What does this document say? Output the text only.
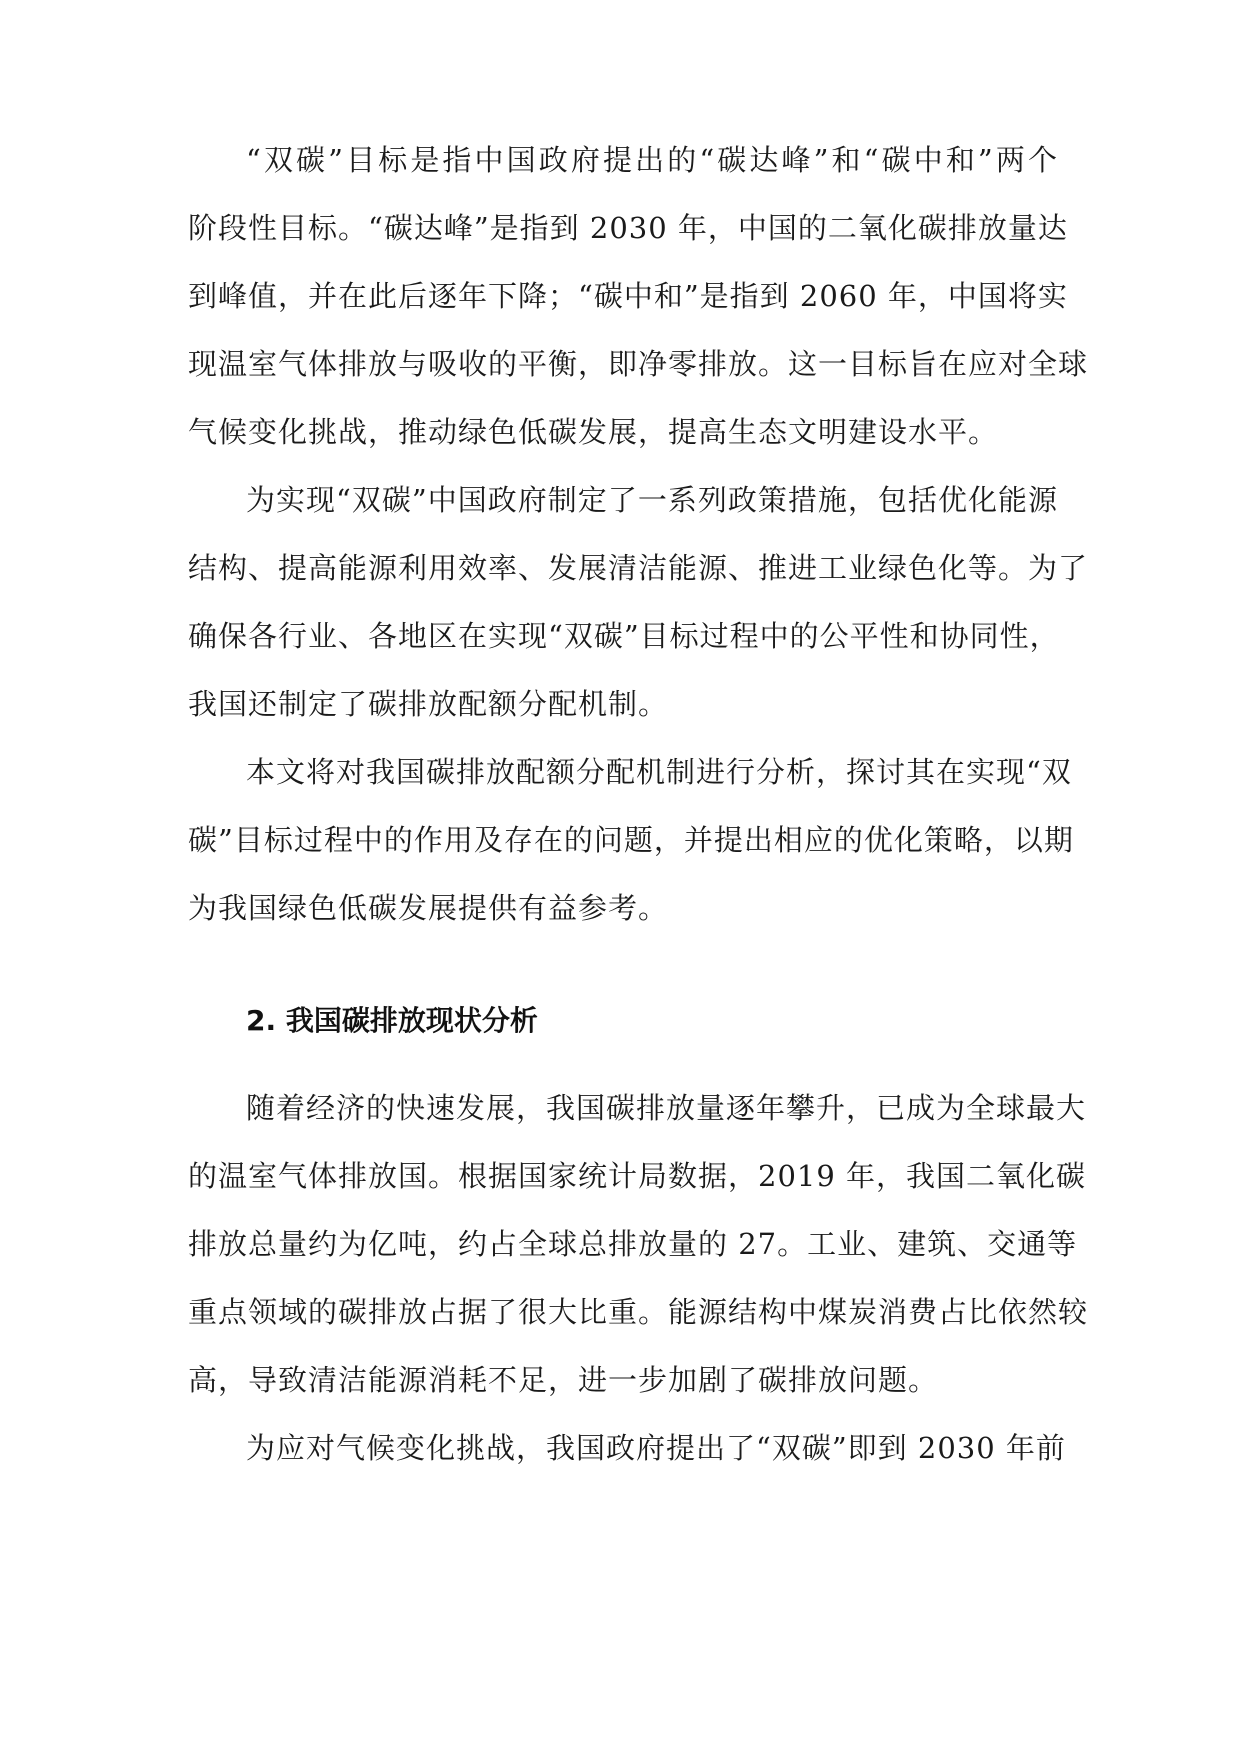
“双碳”目标是指中国政府提出的“碳达峰”和“碳中和”两个
阶段性目标。“碳达峰”是指到 2030 年，中国的二氧化碳排放量达
到峰值，并在此后逐年下降；“碳中和”是指到 2060 年，中国将实
现温室气体排放与吸收的平衡，即净零排放。这一目标旨在应对全球
气候变化挑战，推动绿色低碳发展，提高生态文明建设水平。
为实现“双碳”中国政府制定了一系列政策措施，包括优化能源
结构、提高能源利用效率、发展清洁能源、推进工业绿色化等。为了
确保各行业、各地区在实现“双碳”目标过程中的公平性和协同性，
我国还制定了碳排放配额分配机制。
本文将对我国碳排放配额分配机制进行分析，探讨其在实现“双
碳”目标过程中的作用及存在的问题，并提出相应的优化策略，以期
为我国绿色低碳发展提供有益参考。
2. 我国碳排放现状分析
随着经济的快速发展，我国碳排放量逐年攀升，已成为全球最大
的温室气体排放国。根据国家统计局数据，2019 年，我国二氧化碳
排放总量约为亿吨，约占全球总排放量的 27。工业、建筑、交通等
重点领域的碳排放占据了很大比重。能源结构中煤炭消费占比依然较
高，导致清洁能源消耗不足，进一步加剧了碳排放问题。
为应对气候变化挑战，我国政府提出了“双碳”即到 2030 年前
